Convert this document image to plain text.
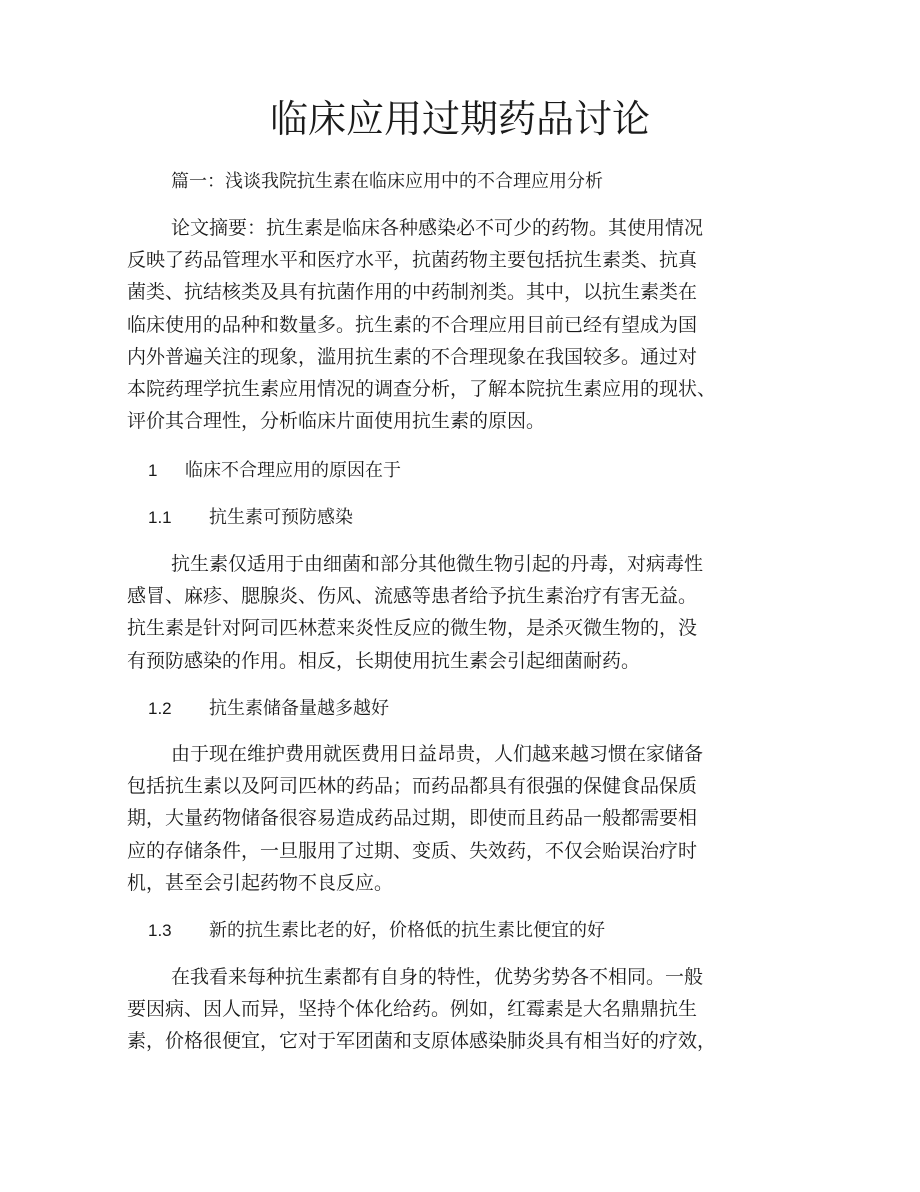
临床应用过期药品讨论

篇一：浅谈我院抗生素在临床应用中的不合理应用分析

论文摘要：抗生素是临床各种感染必不可少的药物。其使用情况
反映了药品管理水平和医疗水平，抗菌药物主要包括抗生素类、抗真
菌类、抗结核类及具有抗菌作用的中药制剂类。其中，以抗生素类在
临床使用的品种和数量多。抗生素的不合理应用目前已经有望成为国
内外普遍关注的现象，滥用抗生素的不合理现象在我国较多。通过对
本院药理学抗生素应用情况的调查分析，了解本院抗生素应用的现状、
评价其合理性，分析临床片面使用抗生素的原因。
1	临床不合理应用的原因在于
1.1	抗生素可预防感染
抗生素仅适用于由细菌和部分其他微生物引起的丹毒，对病毒性
感冒、麻疹、腮腺炎、伤风、流感等患者给予抗生素治疗有害无益。
抗生素是针对阿司匹林惹来炎性反应的微生物，是杀灭微生物的，没
有预防感染的作用。相反，长期使用抗生素会引起细菌耐药。
1.2	抗生素储备量越多越好
由于现在维护费用就医费用日益昂贵，人们越来越习惯在家储备
包括抗生素以及阿司匹林的药品；而药品都具有很强的保健食品保质
期，大量药物储备很容易造成药品过期，即使而且药品一般都需要相
应的存储条件，一旦服用了过期、变质、失效药，不仅会贻误治疗时
机，甚至会引起药物不良反应。
1.3	新的抗生素比老的好，价格低的抗生素比便宜的好
在我看来每种抗生素都有自身的特性，优势劣势各不相同。一般
要因病、因人而异，坚持个体化给药。例如，红霉素是大名鼎鼎抗生
素，价格很便宜，它对于军团菌和支原体感染肺炎具有相当好的疗效，
